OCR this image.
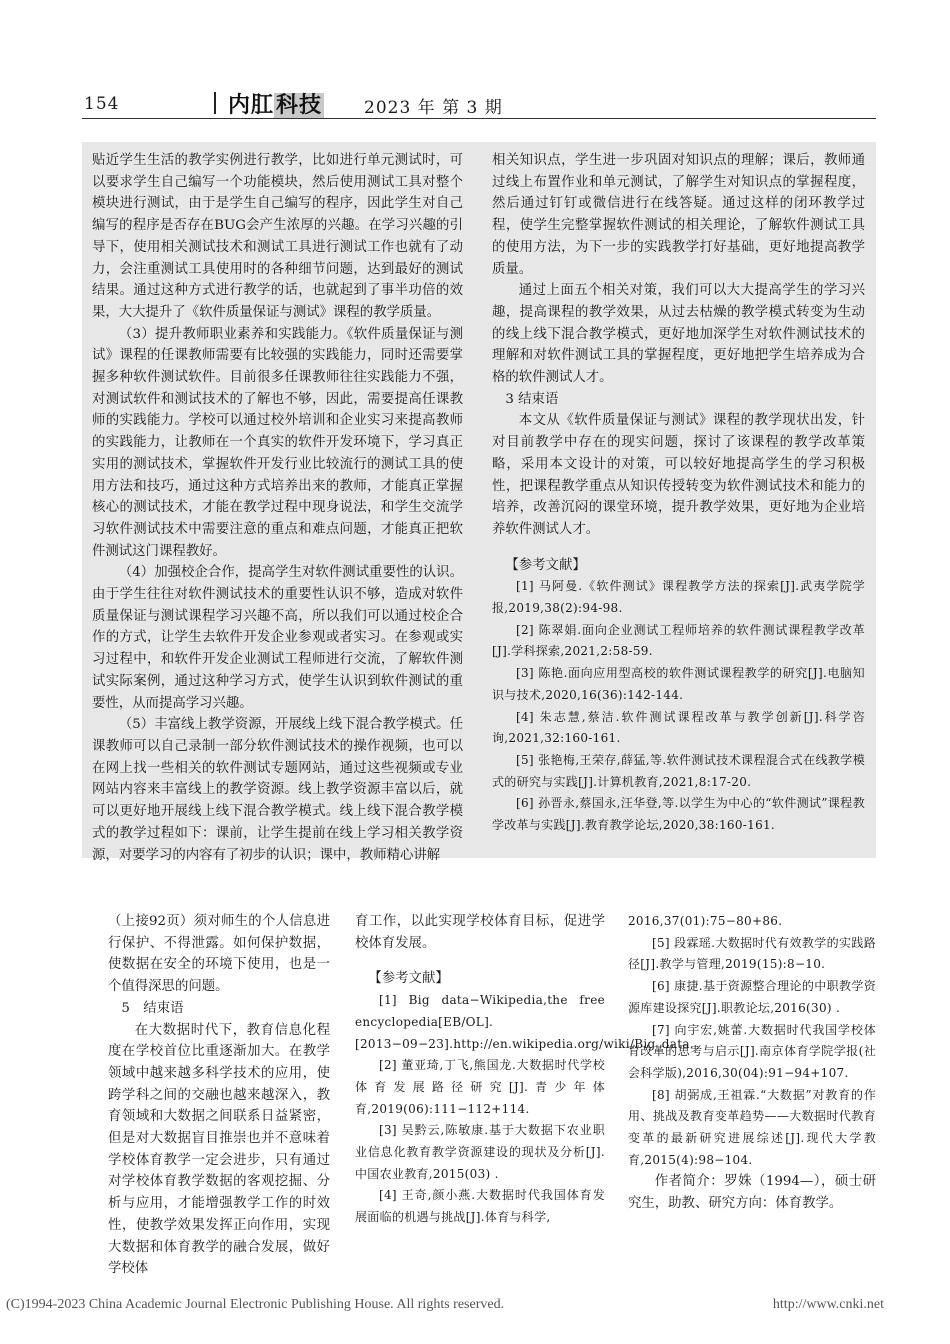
154	内肛科技 2023 年 第 3 期

贴近学生生活的教学实例进行教学，比如进行单元测试时，可以要求学生自己编写一个功能模块，然后使用测试工具对整个模块进行测试，由于是学生自己编写的程序，因此学生对自己编写的程序是否存在BUG会产生浓厚的兴趣。在学习兴趣的引导下，使用相关测试技术和测试工具进行测试工作也就有了动力，会注重测试工具使用时的各种细节问题，达到最好的测试结果。通过这种方式进行教学的话，也就起到了事半功倍的效果，大大提升了《软件质量保证与测试》课程的教学质量。

（3）提升教师职业素养和实践能力。《软件质量保证与测试》课程的任课教师需要有比较强的实践能力，同时还需要掌握多种软件测试软件。目前很多任课教师往往实践能力不强，对测试软件和测试技术的了解也不够，因此，需要提高任课教师的实践能力。学校可以通过校外培训和企业实习来提高教师的实践能力，让教师在一个真实的软件开发环境下，学习真正实用的测试技术，掌握软件开发行业比较流行的测试工具的使用方法和技巧，通过这种方式培养出来的教师，才能真正掌握核心的测试技术，才能在教学过程中现身说法，和学生交流学习软件测试技术中需要注意的重点和难点问题，才能真正把软件测试这门课程教好。

（4）加强校企合作，提高学生对软件测试重要性的认识。由于学生往往对软件测试技术的重要性认识不够，造成对软件质量保证与测试课程学习兴趣不高，所以我们可以通过校企合作的方式，让学生去软件开发企业参观或者实习。在参观或实习过程中，和软件开发企业测试工程师进行交流，了解软件测试实际案例，通过这种学习方式，使学生认识到软件测试的重要性，从而提高学习兴趣。

（5）丰富线上教学资源，开展线上线下混合教学模式。任课教师可以自己录制一部分软件测试技术的操作视频，也可以在网上找一些相关的软件测试专题网站，通过这些视频或专业网站内容来丰富线上的教学资源。线上教学资源丰富以后，就可以更好地开展线上线下混合教学模式。线上线下混合教学模式的教学过程如下：课前，让学生提前在线上学习相关教学资源，对要学习的内容有了初步的认识；课中，教师精心讲解

相关知识点，学生进一步巩固对知识点的理解；课后，教师通过线上布置作业和单元测试，了解学生对知识点的掌握程度，然后通过钉钉或微信进行在线答疑。通过这样的闭环教学过程，使学生完整掌握软件测试的相关理论，了解软件测试工具的使用方法，为下一步的实践教学打好基础，更好地提高教学质量。

通过上面五个相关对策，我们可以大大提高学生的学习兴趣，提高课程的教学效果，从过去枯燥的教学模式转变为生动的线上线下混合教学模式，更好地加深学生对软件测试技术的理解和对软件测试工具的掌握程度，更好地把学生培养成为合格的软件测试人才。

3 结束语

本文从《软件质量保证与测试》课程的教学现状出发，针对目前教学中存在的现实问题，探讨了该课程的教学改革策略，采用本文设计的对策，可以较好地提高学生的学习积极性，把课程教学重点从知识传授转变为软件测试技术和能力的培养，改善沉闷的课堂环境，提升教学效果，更好地为企业培养软件测试人才。

【参考文献】

[1] 马阿曼.《软件测试》课程教学方法的探索[J].武夷学院学报,2019,38(2):94-98.

[2] 陈翠娟.面向企业测试工程师培养的软件测试课程教学改革[J].学科探索,2021,2:58-59.

[3] 陈艳.面向应用型高校的软件测试课程教学的研究[J].电脑知识与技术,2020,16(36):142-144.

[4] 朱志慧,蔡洁.软件测试课程改革与教学创新[J].科学咨询,2021,32:160-161.

[5] 张艳梅,王荣存,薛猛,等.软件测试技术课程混合式在线教学模式的研究与实践[J].计算机教育,2021,8:17-20.

[6] 孙晋永,蔡国永,汪华登,等.以学生为中心的“软件测试”课程教学改革与实践[J].教育教学论坛,2020,38:160-161.

（上接92页）须对师生的个人信息进行保护、不得泄露。如何保护数据，使数据在安全的环境下使用，也是一个值得深思的问题。

5　结束语

在大数据时代下，教育信息化程度在学校首位比重逐渐加大。在教学领域中越来越多科学技术的应用，使跨学科之间的交融也越来越深入，教育领域和大数据之间联系日益紧密，但是对大数据盲目推崇也并不意味着学校体育教学一定会进步，只有通过对学校体育教学数据的客观挖掘、分析与应用，才能增强教学工作的时效性，使教学效果发挥正向作用，实现大数据和体育教学的融合发展，做好学校体

育工作，以此实现学校体育目标，促进学校体育发展。

【参考文献】

[1] Big data−Wikipedia,the free encyclopedia[EB/OL].[2013−09−23].http://en.wikipedia.org/wiki/Big_data.

[2] 董亚琦,丁飞,熊国龙.大数据时代学校体育发展路径研究[J].青少年体育,2019(06):111−112+114.

[3] 吴黔云,陈敏康.基于大数据下农业职业信息化教育教学资源建设的现状及分析[J].中国农业教育,2015(03) .

[4] 王奇,颜小燕.大数据时代我国体育发展面临的机遇与挑战[J].体育与科学,

2016,37(01):75−80+86.

[5] 段霖瑶.大数据时代有效教学的实践路径[J].教学与管理,2019(15):8−10.

[6] 康捷.基于资源整合理论的中职教学资源库建设探究[J].职教论坛,2016(30) .

[7] 向宇宏,姚蕾.大数据时代我国学校体育改革的思考与启示[J].南京体育学院学报(社会科学版),2016,30(04):91−94+107.

[8] 胡弼成,王祖霖.“大数据”对教育的作用、挑战及教育变革趋势——大数据时代教育变革的最新研究进展综述[J].现代大学教育,2015(4):98−104.

作者简介：罗姝（1994—），硕士研究生，助教、研究方向：体育教学。

(C)1994-2023 China Academic Journal Electronic Publishing House. All rights reserved.	http://www.cnki.net
